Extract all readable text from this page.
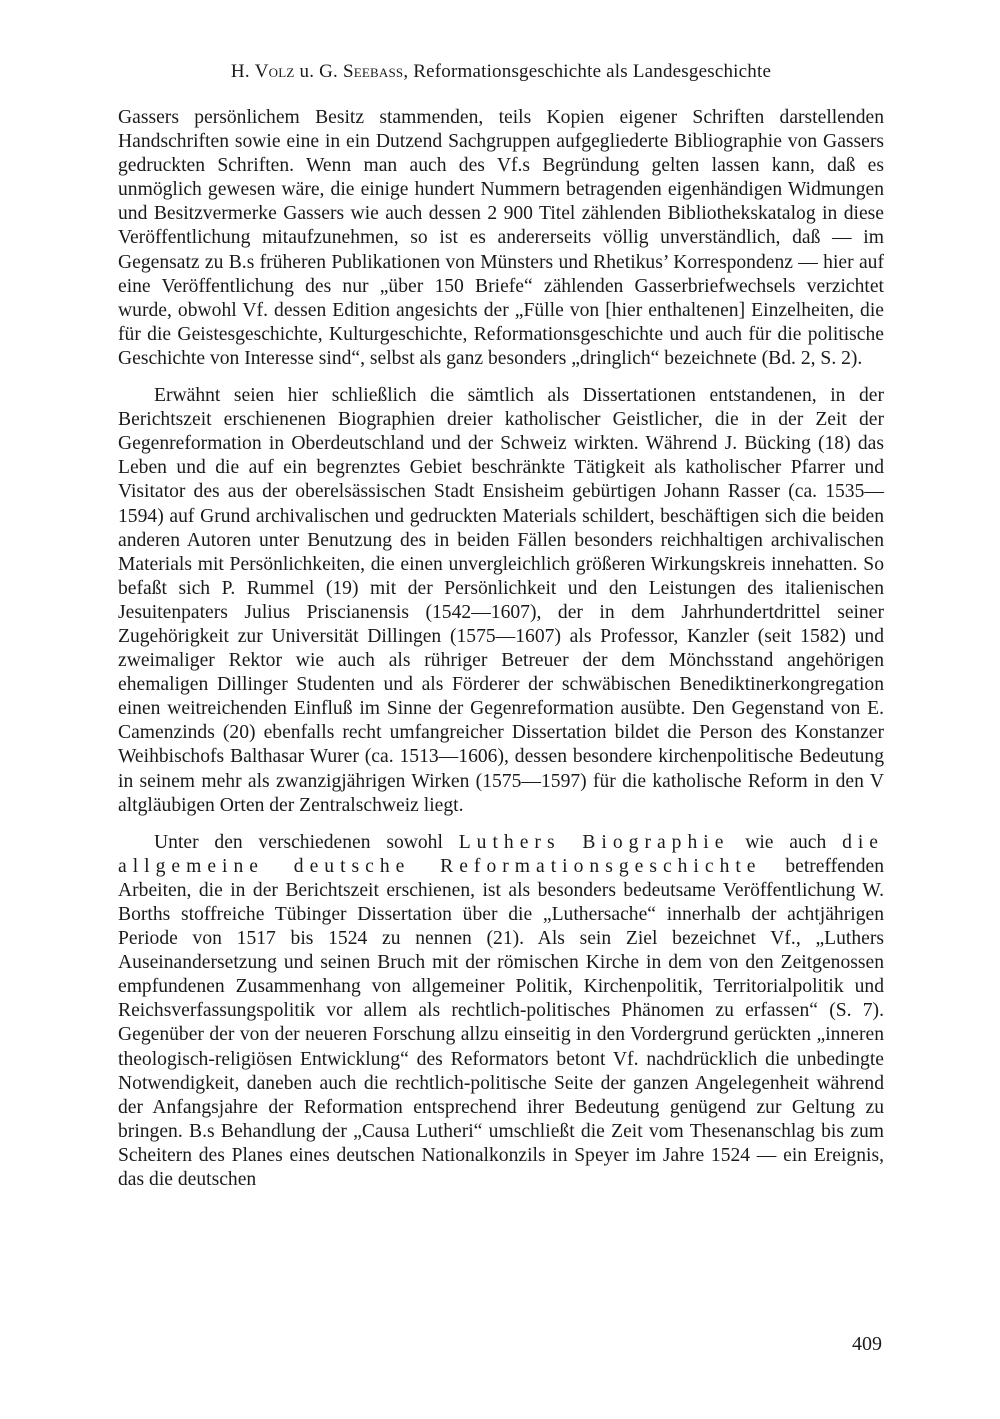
H. Volz u. G. Seebass, Reformationsgeschichte als Landesgeschichte

Gassers persönlichem Besitz stammenden, teils Kopien eigener Schriften darstellenden Handschriften sowie eine in ein Dutzend Sachgruppen aufgegliederte Bibliographie von Gassers gedruckten Schriften. Wenn man auch des Vf.s Begründung gelten lassen kann, daß es unmöglich gewesen wäre, die einige hundert Nummern betragenden eigenhändigen Widmungen und Besitzvermerke Gassers wie auch dessen 2 900 Titel zählenden Bibliothekskatalog in diese Veröffentlichung mitaufzunehmen, so ist es andererseits völlig unverständlich, daß — im Gegensatz zu B.s früheren Publikationen von Münsters und Rhetikus’ Korrespondenz — hier auf eine Veröffentlichung des nur „über 150 Briefe“ zählenden Gasserbriefwechsels verzichtet wurde, obwohl Vf. dessen Edition angesichts der „Fülle von [hier enthaltenen] Einzelheiten, die für die Geistesgeschichte, Kulturgeschichte, Reformationsgeschichte und auch für die politische Geschichte von Interesse sind“, selbst als ganz besonders „dringlich“ bezeichnete (Bd. 2, S. 2).

Erwähnt seien hier schließlich die sämtlich als Dissertationen entstandenen, in der Berichtszeit erschienenen Biographien dreier katholischer Geistlicher, die in der Zeit der Gegenreformation in Oberdeutschland und der Schweiz wirkten. Während J. Bücking (18) das Leben und die auf ein begrenztes Gebiet beschränkte Tätigkeit als katholischer Pfarrer und Visitator des aus der oberelsässischen Stadt Ensisheim gebürtigen Johann Rasser (ca. 1535—1594) auf Grund archivalischen und gedruckten Materials schildert, beschäftigen sich die beiden anderen Autoren unter Benutzung des in beiden Fällen besonders reichhaltigen archivalischen Materials mit Persönlichkeiten, die einen unvergleichlich größeren Wirkungskreis innehatten. So befaßt sich P. Rummel (19) mit der Persönlichkeit und den Leistungen des italienischen Jesuitenpaters Julius Priscianensis (1542—1607), der in dem Jahrhundertdrittel seiner Zugehörigkeit zur Universität Dillingen (1575—1607) als Professor, Kanzler (seit 1582) und zweimaliger Rektor wie auch als rühriger Betreuer der dem Mönchsstand angehörigen ehemaligen Dillinger Studenten und als Förderer der schwäbischen Benediktinerkongregation einen weitreichenden Einfluß im Sinne der Gegenreformation ausübte. Den Gegenstand von E. Camenzinds (20) ebenfalls recht umfangreicher Dissertation bildet die Person des Konstanzer Weihbischofs Balthasar Wurer (ca. 1513—1606), dessen besondere kirchenpolitische Bedeutung in seinem mehr als zwanzigjährigen Wirken (1575—1597) für die katholische Reform in den V altgläubigen Orten der Zentralschweiz liegt.

Unter den verschiedenen sowohl Luthers Biographie wie auch die allgemeine deutsche Reformationsgeschichte betreffenden Arbeiten, die in der Berichtszeit erschienen, ist als besonders bedeutsame Veröffentlichung W. Borths stoffreiche Tübinger Dissertation über die „Luthersache“ innerhalb der achtjährigen Periode von 1517 bis 1524 zu nennen (21). Als sein Ziel bezeichnet Vf., „Luthers Auseinandersetzung und seinen Bruch mit der römischen Kirche in dem von den Zeitgenossen empfundenen Zusammenhang von allgemeiner Politik, Kirchenpolitik, Territorialpolitik und Reichsverfassungspolitik vor allem als rechtlich-politisches Phänomen zu erfassen“ (S. 7). Gegenüber der von der neueren Forschung allzu einseitig in den Vordergrund gerückten „inneren theologisch-religiösen Entwicklung“ des Reformators betont Vf. nachdrücklich die unbedingte Notwendigkeit, daneben auch die rechtlich-politische Seite der ganzen Angelegenheit während der Anfangsjahre der Reformation entsprechend ihrer Bedeutung genügend zur Geltung zu bringen. B.s Behandlung der „Causa Lutheri“ umschließt die Zeit vom Thesenanschlag bis zum Scheitern des Planes eines deutschen Nationalkonzils in Speyer im Jahre 1524 — ein Ereignis, das die deutschen

409
